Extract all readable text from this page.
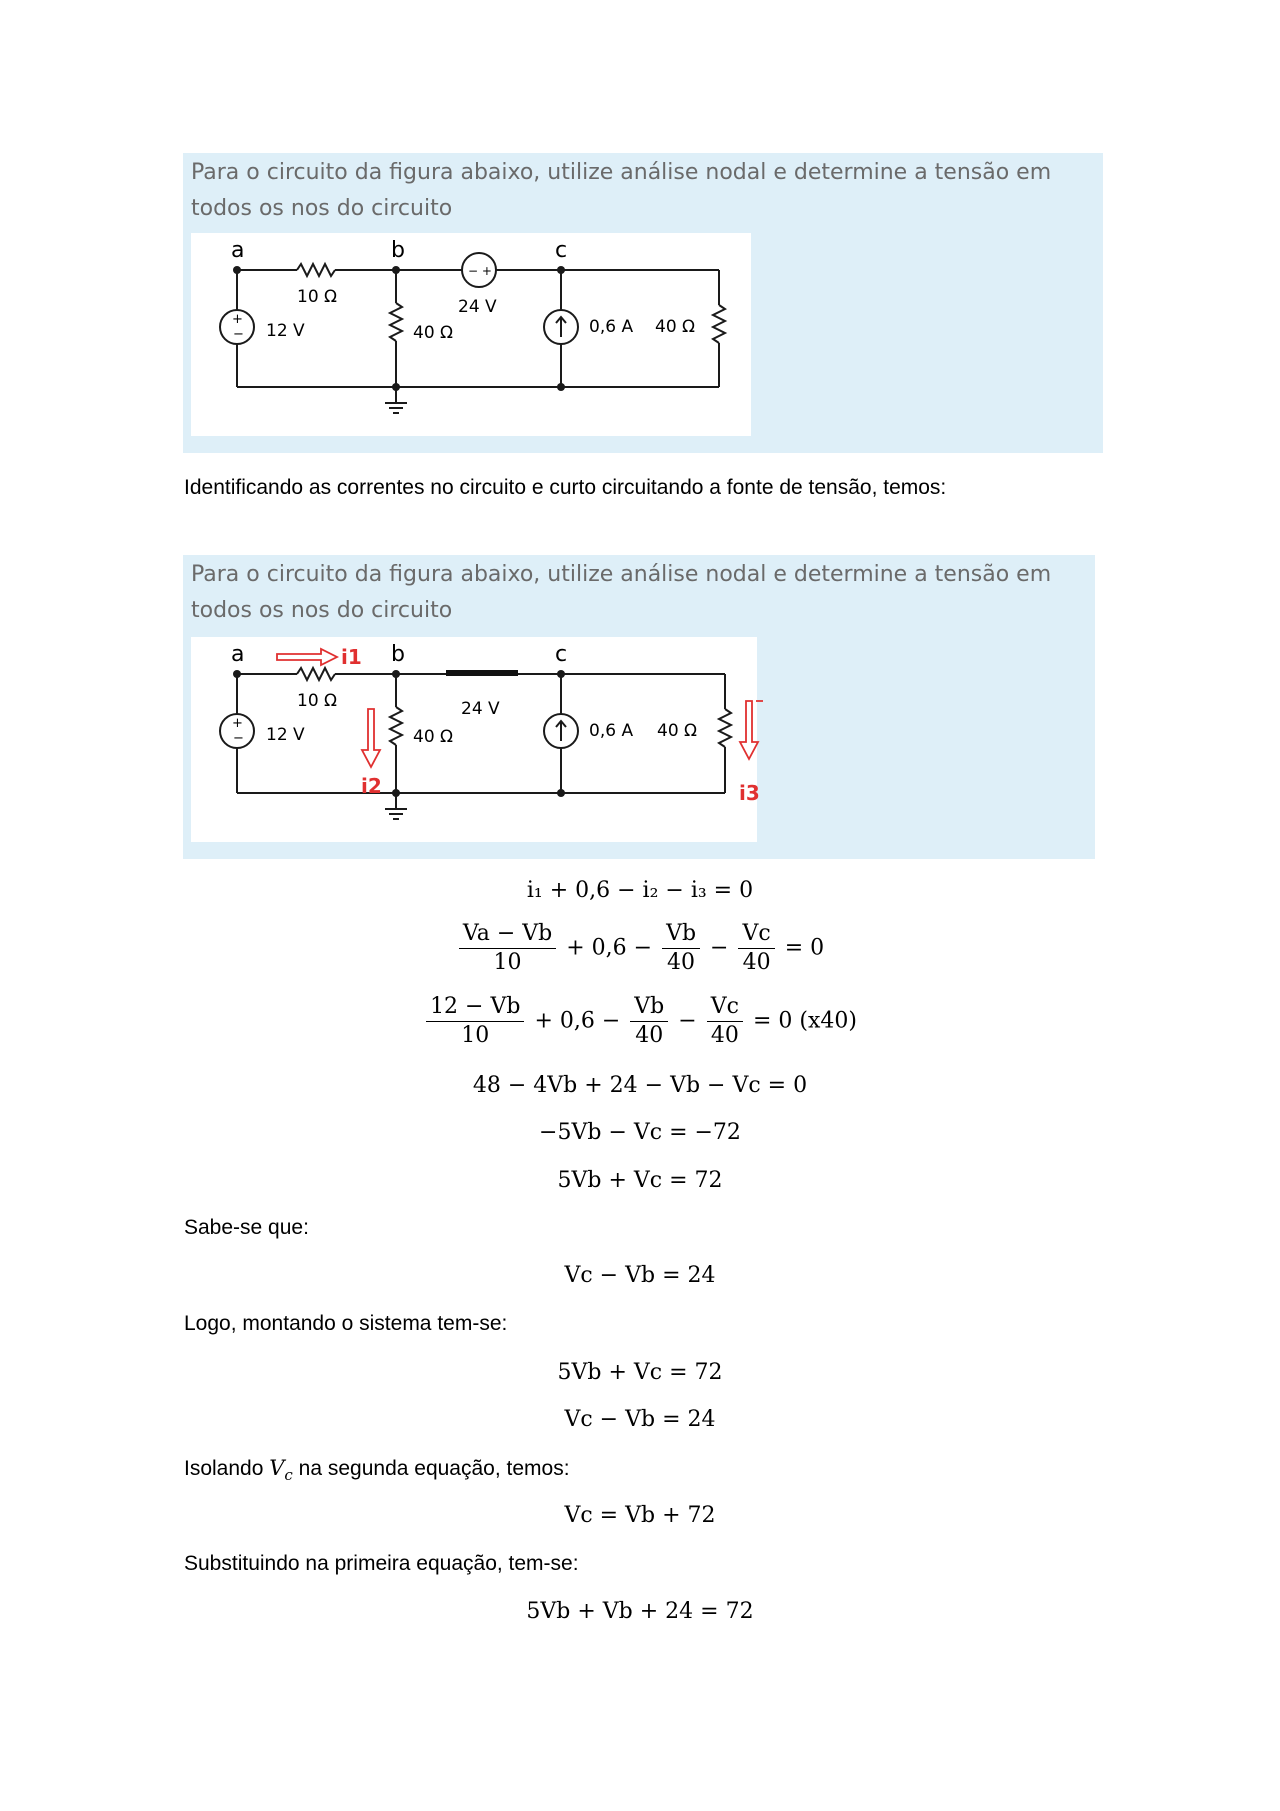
Para o circuito da figura abaixo, utilize análise nodal e determine a tensão em todos os nos do circuito
a	b	c
10 Ω
12 V	40 Ω
24 V
0,6 A 40 Ω
+
−
− +
Identificando as correntes no circuito e curto circuitando a fonte de tensão, temos:
Para o circuito da figura abaixo, utilize análise nodal e determine a tensão em todos os nos do circuito
i1
i2	i3
a	b	c
10 Ω
12 V	40 Ω
24 V
0,6 A 40 Ω
+
−
i₁ + 0,6 − i₂ − i₃ = 0
$\frac{Va - Vb}{10} + 0,6 - \frac{Vb}{40} - \frac{Vc}{40} = 0$
$\frac{12 - Vb}{10} + 0,6 - \frac{Vb}{40} - \frac{Vc}{40} = 0$ (x40)
48 − 4Vb + 24 − Vb − Vc = 0
−5Vb − Vc = −72
5Vb + Vc = 72
Sabe-se que:
Vc − Vb = 24
Logo, montando o sistema tem-se:
5Vb + Vc = 72
Vc − Vb = 24
Isolando $V_c$ na segunda equação, temos:
Vc = Vb + 72
Substituindo na primeira equação, tem-se:
5Vb + Vb + 24 = 72
